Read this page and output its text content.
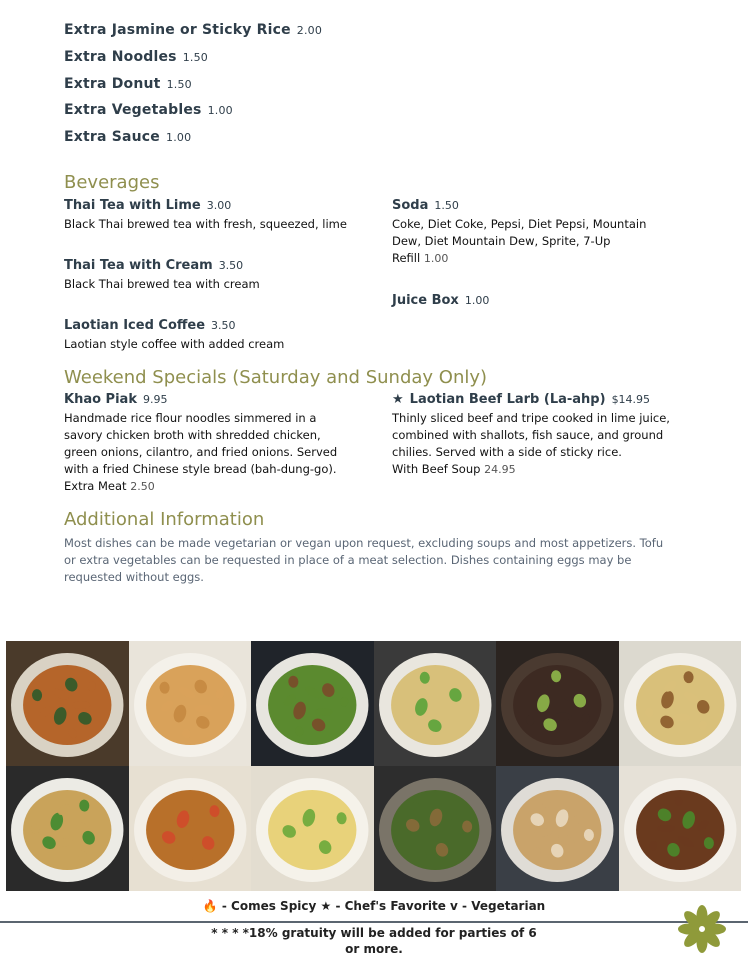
Extra Jasmine or Sticky Rice 2.00
Extra Noodles 1.50
Extra Donut 1.50
Extra Vegetables 1.00
Extra Sauce 1.00
Beverages
Thai Tea with Lime 3.00
Black Thai brewed tea with fresh, squeezed, lime
Thai Tea with Cream 3.50
Black Thai brewed tea with cream
Laotian Iced Coffee 3.50
Laotian style coffee with added cream
Soda 1.50
Coke, Diet Coke, Pepsi, Diet Pepsi, Mountain
Dew, Diet Mountain Dew, Sprite, 7-Up
Refill 1.00
Juice Box 1.00
Weekend Specials (Saturday and Sunday Only)
Khao Piak 9.95
Handmade rice flour noodles simmered in a
savory chicken broth with shredded chicken,
green onions, cilantro, and fried onions. Served
with a fried Chinese style bread (bah-dung-go).
Extra Meat 2.50
★ Laotian Beef Larb (La-ahp) $14.95
Thinly sliced beef and tripe cooked in lime juice,
combined with shallots, fish sauce, and ground
chilies. Served with a side of sticky rice.
With Beef Soup 24.95
Additional Information
Most dishes can be made vegetarian or vegan upon request, excluding soups and most appetizers. Tofu
or extra vegetables can be requested in place of a meat selection. Dishes containing eggs may be
requested without eggs.
🔥 - Comes Spicy ★ - Chef's Favorite v - Vegetarian
* * * *18% gratuity will be added for parties of 6
or more.
